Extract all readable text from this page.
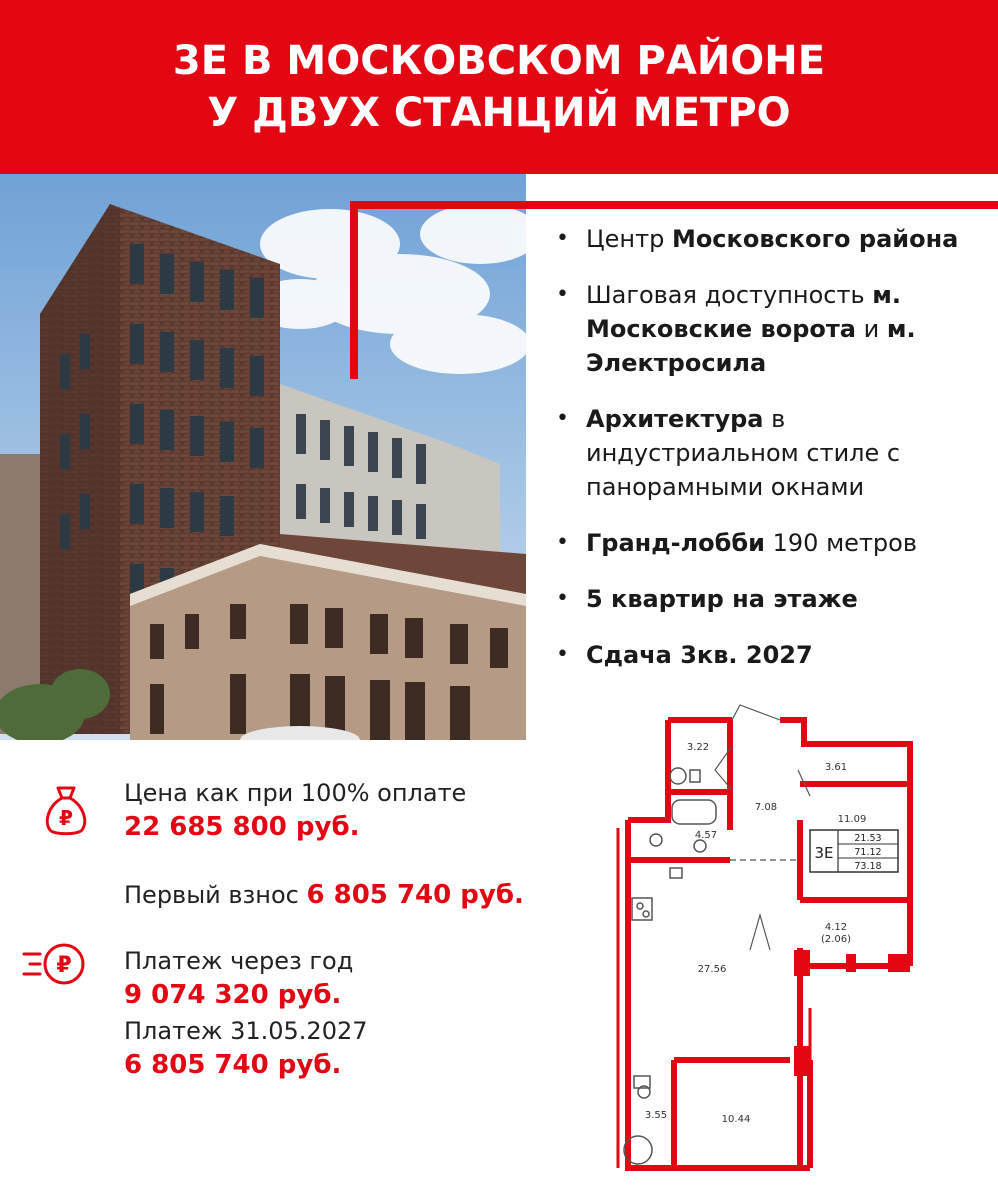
3Е В МОСКОВСКОМ РАЙОНЕ
У ДВУХ СТАНЦИЙ МЕТРО
• Центр Московского района
• Шаговая доступность м. Московские ворота и м. Электросила
• Архитектура в индустриальном стиле с панорамными окнами
• Гранд-лобби 190 метров
• 5 квартир на этаже
• Сдача 3кв. 2027
₽
₽
Цена как при 100% оплате
22 685 800 руб.
Первый взнос 6 805 740 руб.
Платеж через год
9 074 320 руб.
Платеж 31.05.2027
6 805 740 руб.
3Е
21.53
71.12
73.18
3.22
7.08
3.61
11.09
4.57
4.12
(2.06)
27.56
3.55	10.44
